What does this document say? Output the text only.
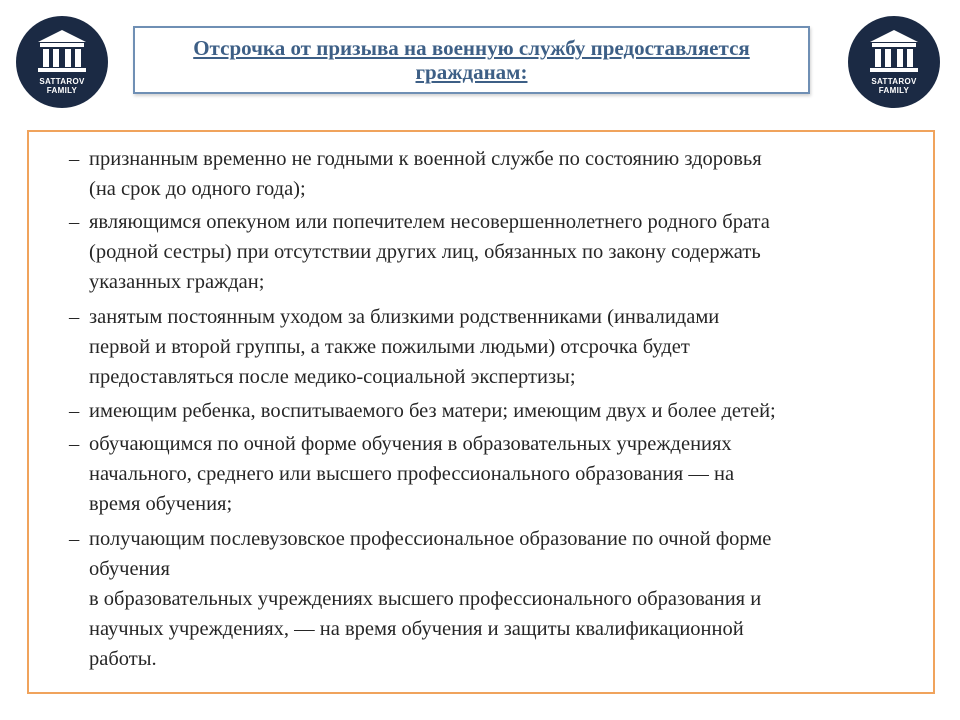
SATTAROV
FAMILY
SATTAROV
FAMILY
Отсрочка от призыва на военную службу предоставляется гражданам:
– признанным временно не годными к военной службе по состоянию здоровья
(на срок до одного года);
– являющимся опекуном или попечителем несовершеннолетнего родного брата
(родной сестры) при отсутствии других лиц, обязанных по закону содержать
указанных граждан;
– занятым постоянным уходом за близкими родственниками (инвалидами
первой и второй группы, а также пожилыми людьми) отсрочка будет
предоставляться после медико-социальной экспертизы;
– имеющим ребенка, воспитываемого без матери; имеющим двух и более детей;
– обучающимся по очной форме обучения в образовательных учреждениях
начального, среднего или высшего профессионального образования — на
время обучения;
– получающим послевузовское профессиональное образование по очной форме
обучения
в образовательных учреждениях высшего профессионального образования и
научных учреждениях, — на время обучения и защиты квалификационной
работы.
